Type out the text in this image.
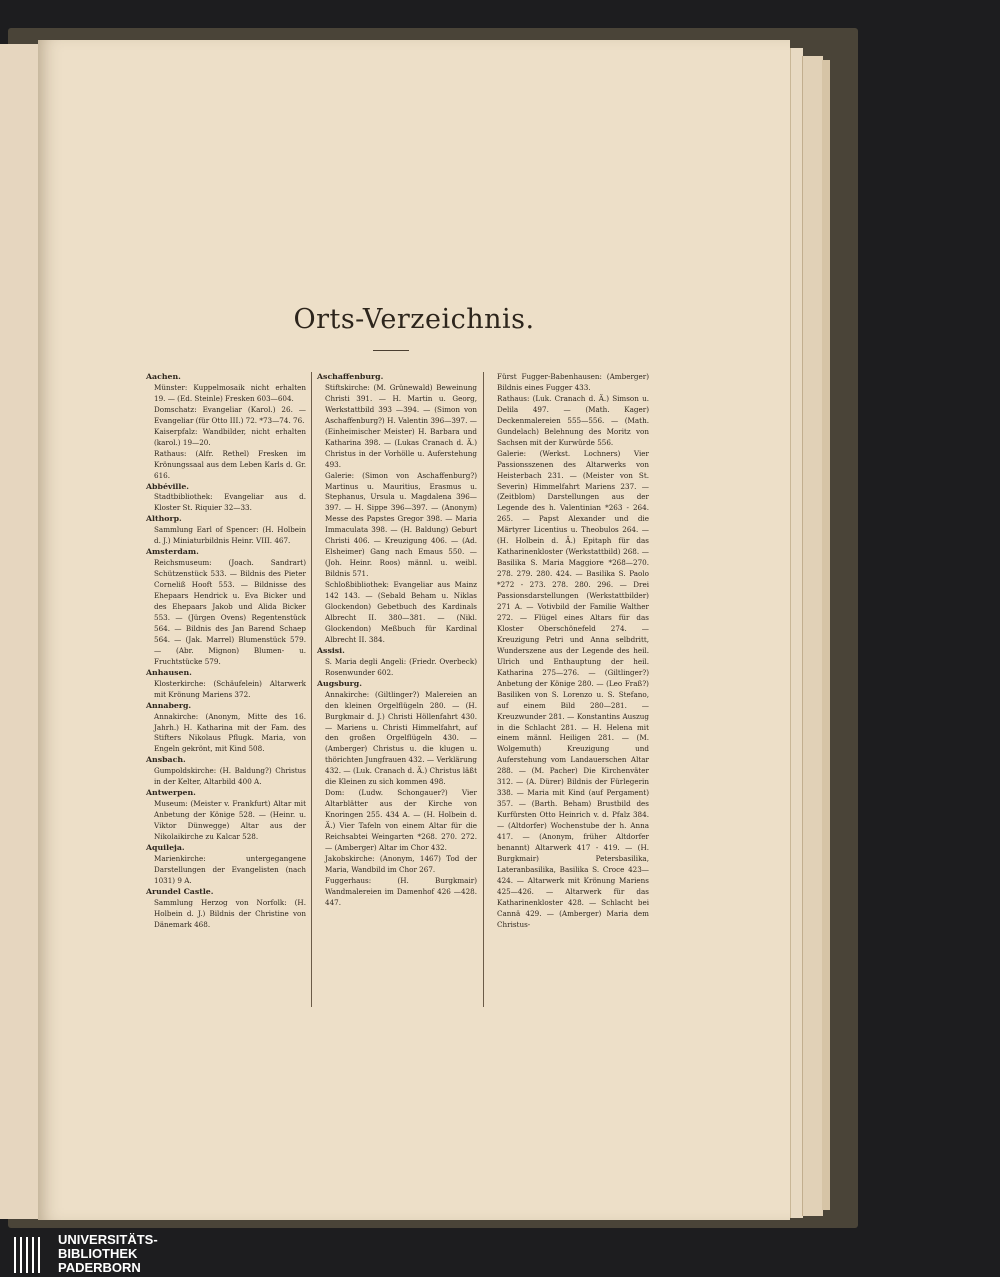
Orts-Verzeichnis.
Aachen.
Münster: Kuppelmosaik nicht erhalten 19. — (Ed. Steinle) Fresken 603—604.
Domschatz: Evangeliar (Karol.) 26. — Evangeliar (für Otto III.) 72. *73—74. 76.
Kaiserpfalz: Wandbilder, nicht erhalten (karol.) 19—20.
Rathaus: (Alfr. Rethel) Fresken im Krönungssaal aus dem Leben Karls d. Gr. 616.
Abbéville.
Stadtbibliothek: Evangeliar aus d. Kloster St. Riquier 32—33.
Althorp.
Sammlung Earl of Spencer: (H. Holbein d. J.) Miniaturbildnis Heinr. VIII. 467.
Amsterdam.
Reichsmuseum: (Joach. Sandrart) Schützenstück 533. — Bildnis des Pieter Corneliß Hooft 553. — Bildnisse des Ehepaars Hendrick u. Eva Bicker und des Ehepaars Jakob und Alida Bicker 553. — (Jürgen Ovens) Regentenstück 564. — Bildnis des Jan Barend Schaep 564. — (Jak. Marrel) Blumenstück 579. — (Abr. Mignon) Blumen- u. Fruchtstücke 579.
Anhausen.
Klosterkirche: (Schäufelein) Altarwerk mit Krönung Mariens 372.
Annaberg.
Annakirche: (Anonym, Mitte des 16. Jahrh.) H. Katharina mit der Fam. des Stifters Nikolaus Pflugk. Maria, von Engeln gekrönt, mit Kind 508.
Ansbach.
Gumpoldskirche: (H. Baldung?) Christus in der Kelter, Altarbild 400 A.
Antwerpen.
Museum: (Meister v. Frankfurt) Altar mit Anbetung der Könige 528. — (Heinr. u. Viktor Dünwegge) Altar aus der Nikolaikirche zu Kalcar 528.
Aquileja.
Marienkirche: untergegangene Darstellungen der Evangelisten (nach 1031) 9 A.
Arundel Castle.
Sammlung Herzog von Norfolk: (H. Holbein d. J.) Bildnis der Christine von Dänemark 468.
Aschaffenburg.
Stiftskirche: (M. Grünewald) Beweinung Christi 391. — H. Martin u. Georg, Werkstattbild 393 —394. — (Simon von Aschaffenburg?) H. Valentin 396—397. — (Einheimischer Meister) H. Barbara und Katharina 398. — (Lukas Cranach d. Ä.) Christus in der Vorhölle u. Auferstehung 493.
Galerie: (Simon von Aschaffenburg?) Martinus u. Mauritius, Erasmus u. Stephanus, Ursula u. Magdalena 396—397. — H. Sippe 396—397. — (Anonym) Messe des Papstes Gregor 398. — Maria Immaculata 398. — (H. Baldung) Geburt Christi 406. — Kreuzigung 406. — (Ad. Elsheimer) Gang nach Emaus 550. — (Joh. Heinr. Roos) männl. u. weibl. Bildnis 571.
Schloßbibliothek: Evangeliar aus Mainz 142 143. — (Sebald Beham u. Niklas Glockendon) Gebetbuch des Kardinals Albrecht II. 380—381. — (Nikl. Glockendon) Meßbuch für Kardinal Albrecht II. 384.
Assisi.
S. Maria degli Angeli: (Friedr. Overbeck) Rosenwunder 602.
Augsburg.
Annakirche: (Giltlinger?) Malereien an den kleinen Orgelflügeln 280. — (H. Burgkmair d. J.) Christi Höllenfahrt 430. — Mariens u. Christi Himmelfahrt, auf den großen Orgelflügeln 430. — (Amberger) Christus u. die klugen u. thörichten Jungfrauen 432. — Verklärung 432. — (Luk. Cranach d. Ä.) Christus läßt die Kleinen zu sich kommen 498.
Dom: (Ludw. Schongauer?) Vier Altarblätter aus der Kirche von Knoringen 255. 434 A. — (H. Holbein d. Ä.) Vier Tafeln von einem Altar für die Reichsabtei Weingarten *268. 270. 272. — (Amberger) Altar im Chor 432.
Jakobskirche: (Anonym, 1467) Tod der Maria, Wandbild im Chor 267.
Fuggerhaus: (H. Burgkmair) Wandmalereien im Damenhof 426 —428. 447.
Fürst Fugger-Babenhausen: (Amberger) Bildnis eines Fugger 433.
Rathaus: (Luk. Cranach d. Ä.) Simson u. Delila 497. — (Math. Kager) Deckenmalereien 555—556. — (Math. Gundelach) Belehnung des Moritz von Sachsen mit der Kurwürde 556.
Galerie: (Werkst. Lochners) Vier Passionsszenen des Altarwerks von Heisterbach 231. — (Meister von St. Severin) Himmelfahrt Mariens 237. — (Zeitblom) Darstellungen aus der Legende des h. Valentinian *263 - 264. 265. — Papst Alexander und die Märtyrer Licentius u. Theobulos 264. — (H. Holbein d. Ä.) Epitaph für das Katharinenkloster (Werkstattbild) 268. — Basilika S. Maria Maggiore *268—270. 278. 279. 280. 424. — Basilika S. Paolo *272 - 273. 278. 280. 296. — Drei Passionsdarstellungen (Werkstattbilder) 271 A. — Votivbild der Familie Walther 272. — Flügel eines Altars für das Kloster Oberschönefeld 274. — Kreuzigung Petri und Anna selbdritt, Wunderszene aus der Legende des heil. Ulrich und Enthauptung der heil. Katharina 275—276. — (Giltlinger?) Anbetung der Könige 280. — (Leo Fraß?) Basiliken von S. Lorenzo u. S. Stefano, auf einem Bild 280—281. — Kreuzwunder 281. — Konstantins Auszug in die Schlacht 281. — H. Helena mit einem männl. Heiligen 281. — (M. Wolgemuth) Kreuzigung und Auferstehung vom Landauerschen Altar 288. — (M. Pacher) Die Kirchenväter 312. — (A. Dürer) Bildnis der Fürlegerin 338. — Maria mit Kind (auf Pergament) 357. — (Barth. Beham) Brustbild des Kurfürsten Otto Heinrich v. d. Pfalz 384. — (Altdorfer) Wochenstube der h. Anna 417. — (Anonym, früher Altdorfer benannt) Altarwerk 417 - 419. — (H. Burgkmair) Petersbasilika, Lateranbasilika, Basilika S. Croce 423—424. — Altarwerk mit Krönung Mariens 425—426. — Altarwerk für das Katharinenkloster 428. — Schlacht bei Cannä 429. — (Amberger) Maria dem Christus-
UNIVERSITÄTS-
BIBLIOTHEK
PADERBORN
